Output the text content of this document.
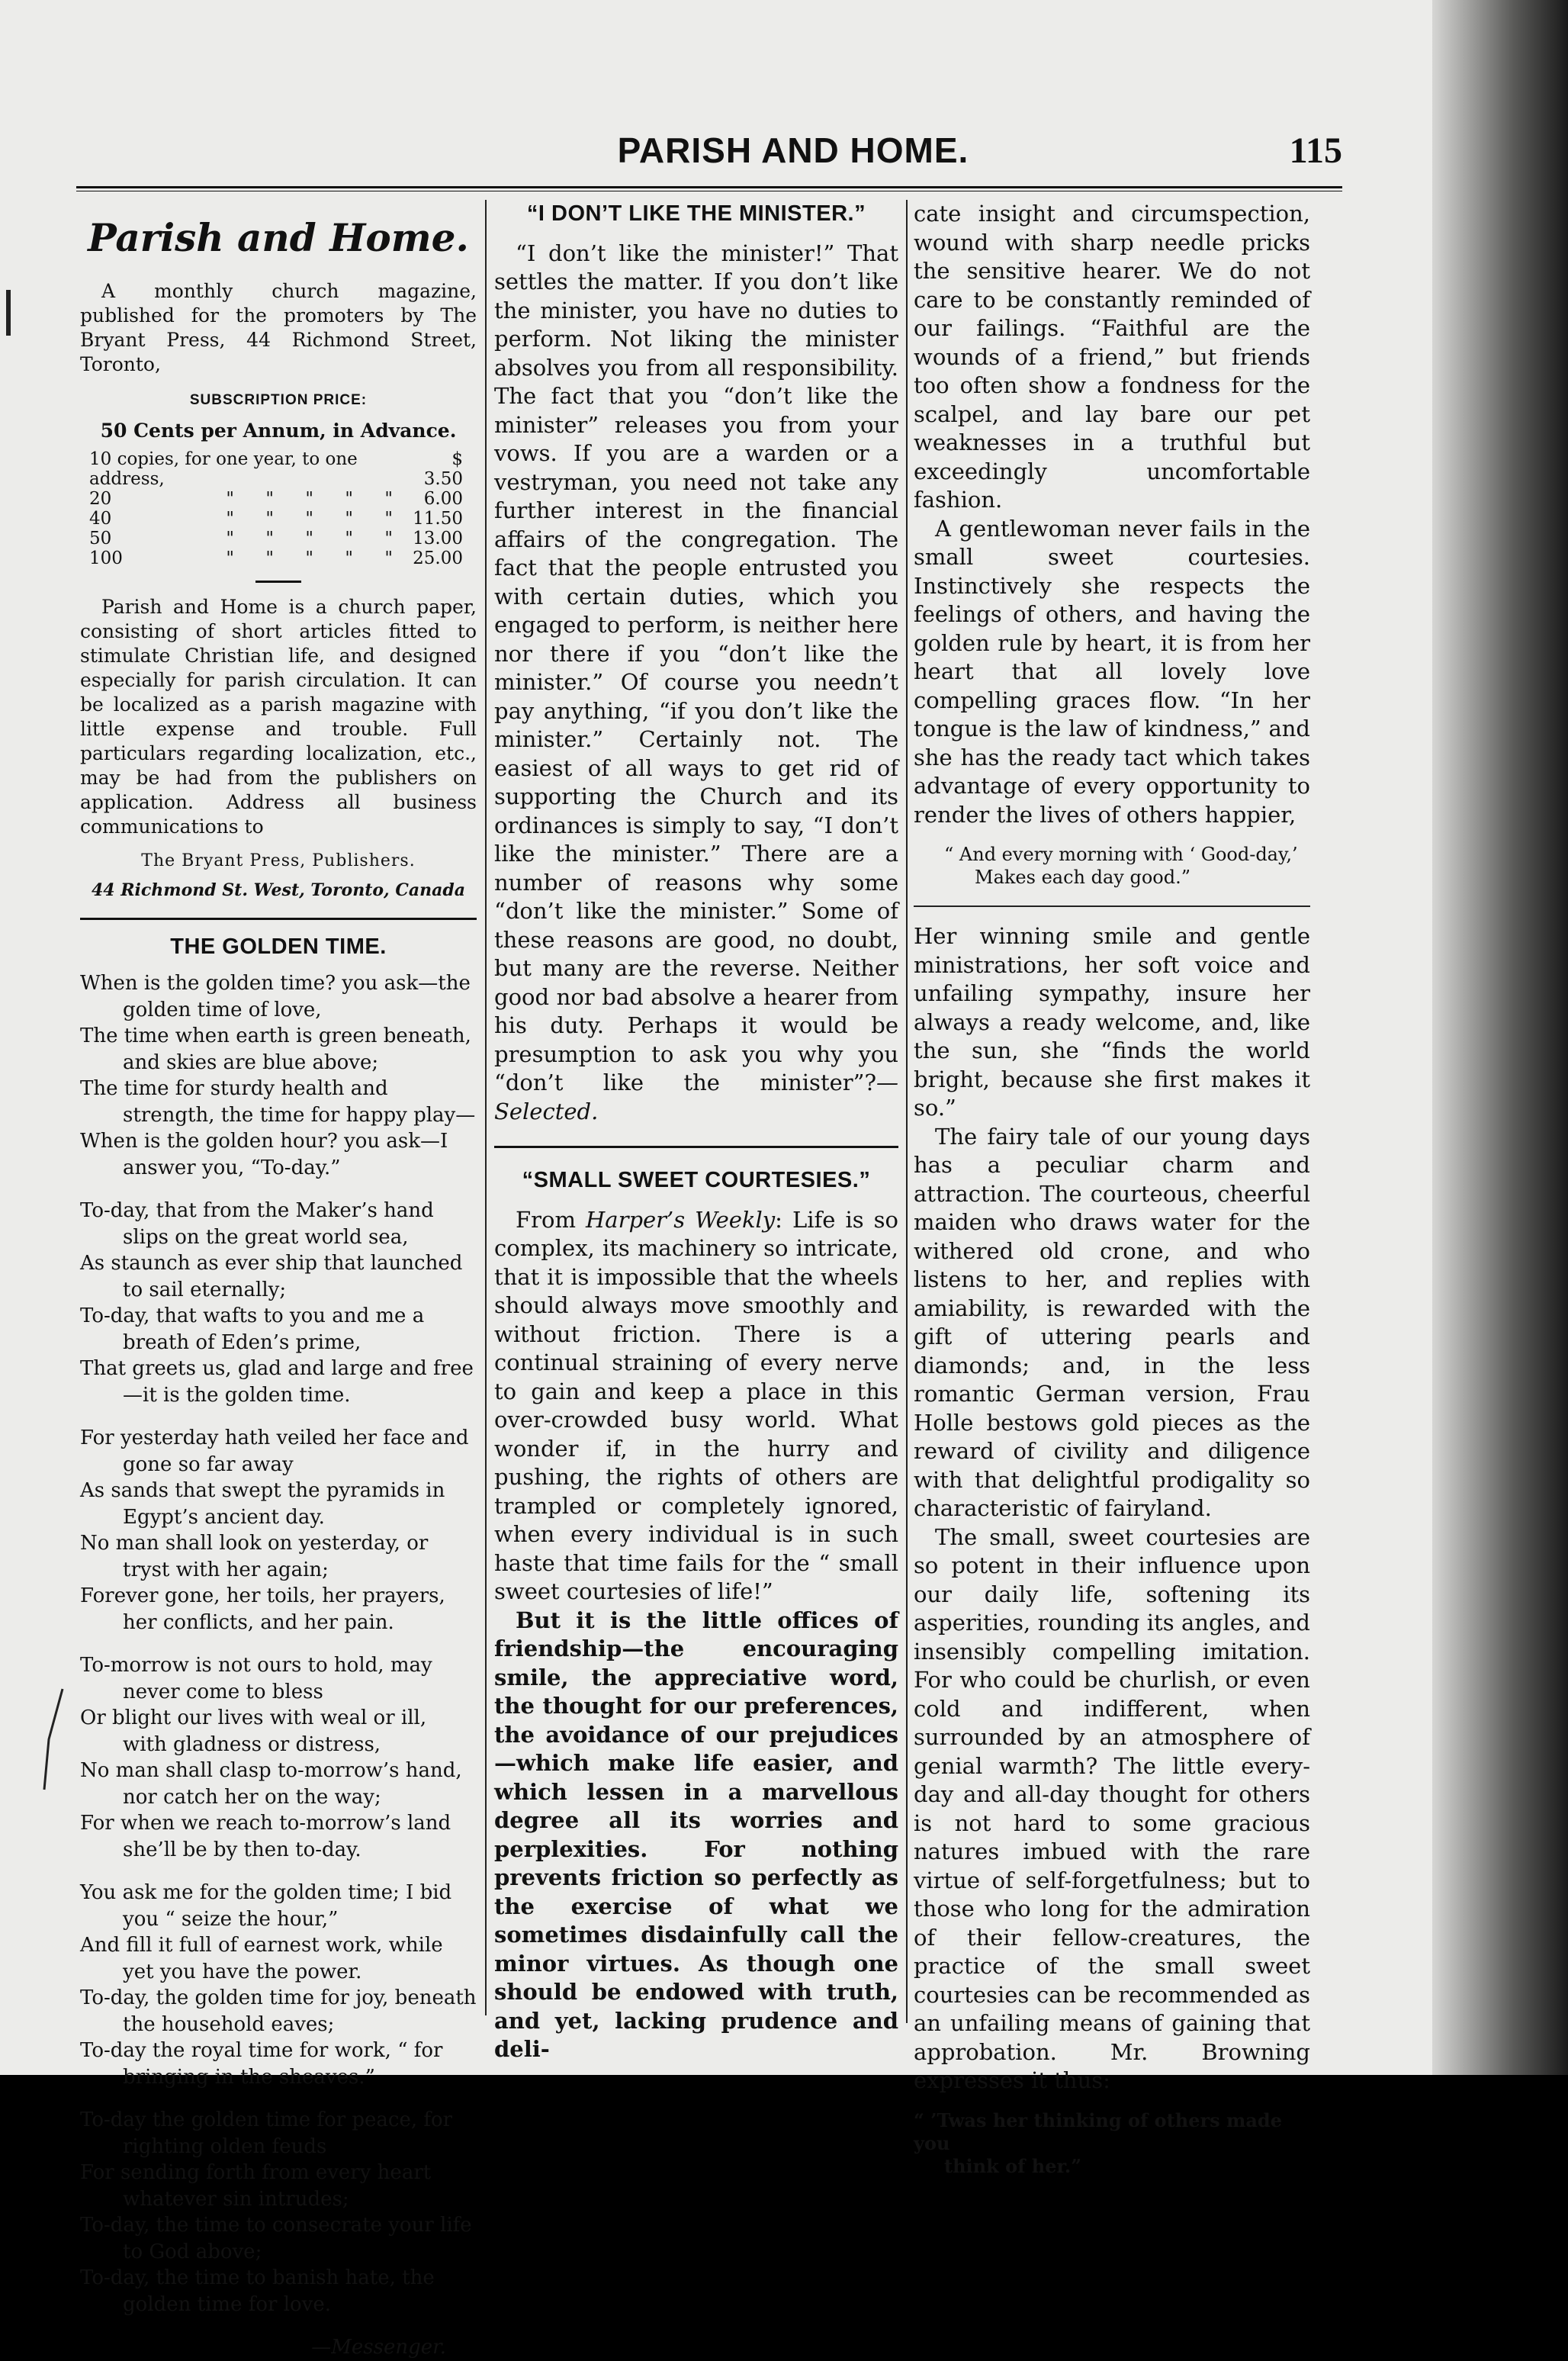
PARISH AND HOME.	115
Parish and Home.

A monthly church magazine, published for the promoters by The Bryant Press, 44 Richmond Street, Toronto,

SUBSCRIPTION PRICE:
50 Cents per Annum, in Advance.
10 copies, for one year, to one address,						$ 3.50
20	"	"	"	"	"	6.00
40	"	"	"	"	"	11.50
50	"	"	"	"	"	13.00
100	"	"	"	"	"	25.00

Parish and Home is a church paper, consisting of short articles fitted to stimulate Christian life, and designed especially for parish circulation. It can be localized as a parish magazine with little expense and trouble. Full particulars regarding localization, etc., may be had from the publishers on application. Address all business communications to

The Bryant Press, Publishers.
44 Richmond St. West, Toronto, Canada
THE GOLDEN TIME.
When is the golden time? you ask—the golden time of love,
The time when earth is green beneath, and skies are blue above;
The time for sturdy health and strength, the time for happy play—
When is the golden hour? you ask—I answer you, “To-day.”
To-day, that from the Maker’s hand slips on the great world sea,
As staunch as ever ship that launched to sail eternally;
To-day, that wafts to you and me a breath of Eden’s prime,
That greets us, glad and large and free—it is the golden time.
For yesterday hath veiled her face and gone so far away
As sands that swept the pyramids in Egypt’s ancient day.
No man shall look on yesterday, or tryst with her again;
Forever gone, her toils, her prayers, her conflicts, and her pain.
To-morrow is not ours to hold, may never come to bless
Or blight our lives with weal or ill, with gladness or distress,
No man shall clasp to-morrow’s hand, nor catch her on the way;
For when we reach to-morrow’s land she’ll be by then to-day.
You ask me for the golden time; I bid you “ seize the hour,”
And fill it full of earnest work, while yet you have the power.
To-day, the golden time for joy, beneath the household eaves;
To-day the royal time for work, “ for bringing in the sheaves.”
To-day the golden time for peace, for righting olden feuds
For sending forth from every heart whatever sin intrudes;
To-day, the time to consecrate your life to God above;
To-day, the time to banish hate, the golden time for love.
—Messenger.
“I DON’T LIKE THE MINISTER.”

“I don’t like the minister!” That settles the matter. If you don’t like the minister, you have no duties to perform. Not liking the minister absolves you from all responsibility. The fact that you “don’t like the minister” releases you from your vows. If you are a warden or a vestryman, you need not take any further interest in the financial affairs of the congregation. The fact that the people entrusted you with certain duties, which you engaged to perform, is neither here nor there if you “don’t like the minister.” Of course you needn’t pay anything, “if you don’t like the minister.” Certainly not. The easiest of all ways to get rid of supporting the Church and its ordinances is simply to say, “I don’t like the minister.” There are a number of reasons why some “don’t like the minister.” Some of these reasons are good, no doubt, but many are the reverse. Neither good nor bad absolve a hearer from his duty. Perhaps it would be presumption to ask you why you “don’t like the minister”?—Selected.

“SMALL SWEET COURTESIES.”

From Harper’s Weekly: Life is so complex, its machinery so intricate, that it is impossible that the wheels should always move smoothly and without friction. There is a continual straining of every nerve to gain and keep a place in this over-crowded busy world. What wonder if, in the hurry and pushing, the rights of others are trampled or completely ignored, when every individual is in such haste that time fails for the “ small sweet courtesies of life!”

But it is the little offices of friendship—the encouraging smile, the appreciative word, the thought for our preferences, the avoidance of our prejudices—which make life easier, and which lessen in a marvellous degree all its worries and perplexities. For nothing prevents friction so perfectly as the exercise of what we sometimes disdainfully call the minor virtues. As though one should be endowed with truth, and yet, lacking prudence and deli-

cate insight and circumspection, wound with sharp needle pricks the sensitive hearer. We do not care to be constantly reminded of our failings. “Faithful are the wounds of a friend,” but friends too often show a fondness for the scalpel, and lay bare our pet weaknesses in a truthful but exceedingly uncomfortable fashion.

A gentlewoman never fails in the small sweet courtesies. Instinctively she respects the feelings of others, and having the golden rule by heart, it is from her heart that all lovely love compelling graces flow. “In her tongue is the law of kindness,” and she has the ready tact which takes advantage of every opportunity to render the lives of others happier,

“ And every morning with ‘ Good-day,’
Makes each day good.”

Her winning smile and gentle ministrations, her soft voice and unfailing sympathy, insure her always a ready welcome, and, like the sun, she “finds the world bright, because she first makes it so.”

The fairy tale of our young days has a peculiar charm and attraction. The courteous, cheerful maiden who draws water for the withered old crone, and who listens to her, and replies with amiability, is rewarded with the gift of uttering pearls and diamonds; and, in the less romantic German version, Frau Holle bestows gold pieces as the reward of civility and diligence with that delightful prodigality so characteristic of fairyland.

The small, sweet courtesies are so potent in their influence upon our daily life, softening its asperities, rounding its angles, and insensibly compelling imitation. For who could be churlish, or even cold and indifferent, when surrounded by an atmosphere of genial warmth? The little every-day and all-day thought for others is not hard to some gracious natures imbued with the rare virtue of self-forgetfulness; but to those who long for the admiration of their fellow-creatures, the practice of the small sweet courtesies can be recommended as an unfailing means of gaining that approbation. Mr. Browning expresses it thus:

“ ’Twas her thinking of others made you
think of her.”
